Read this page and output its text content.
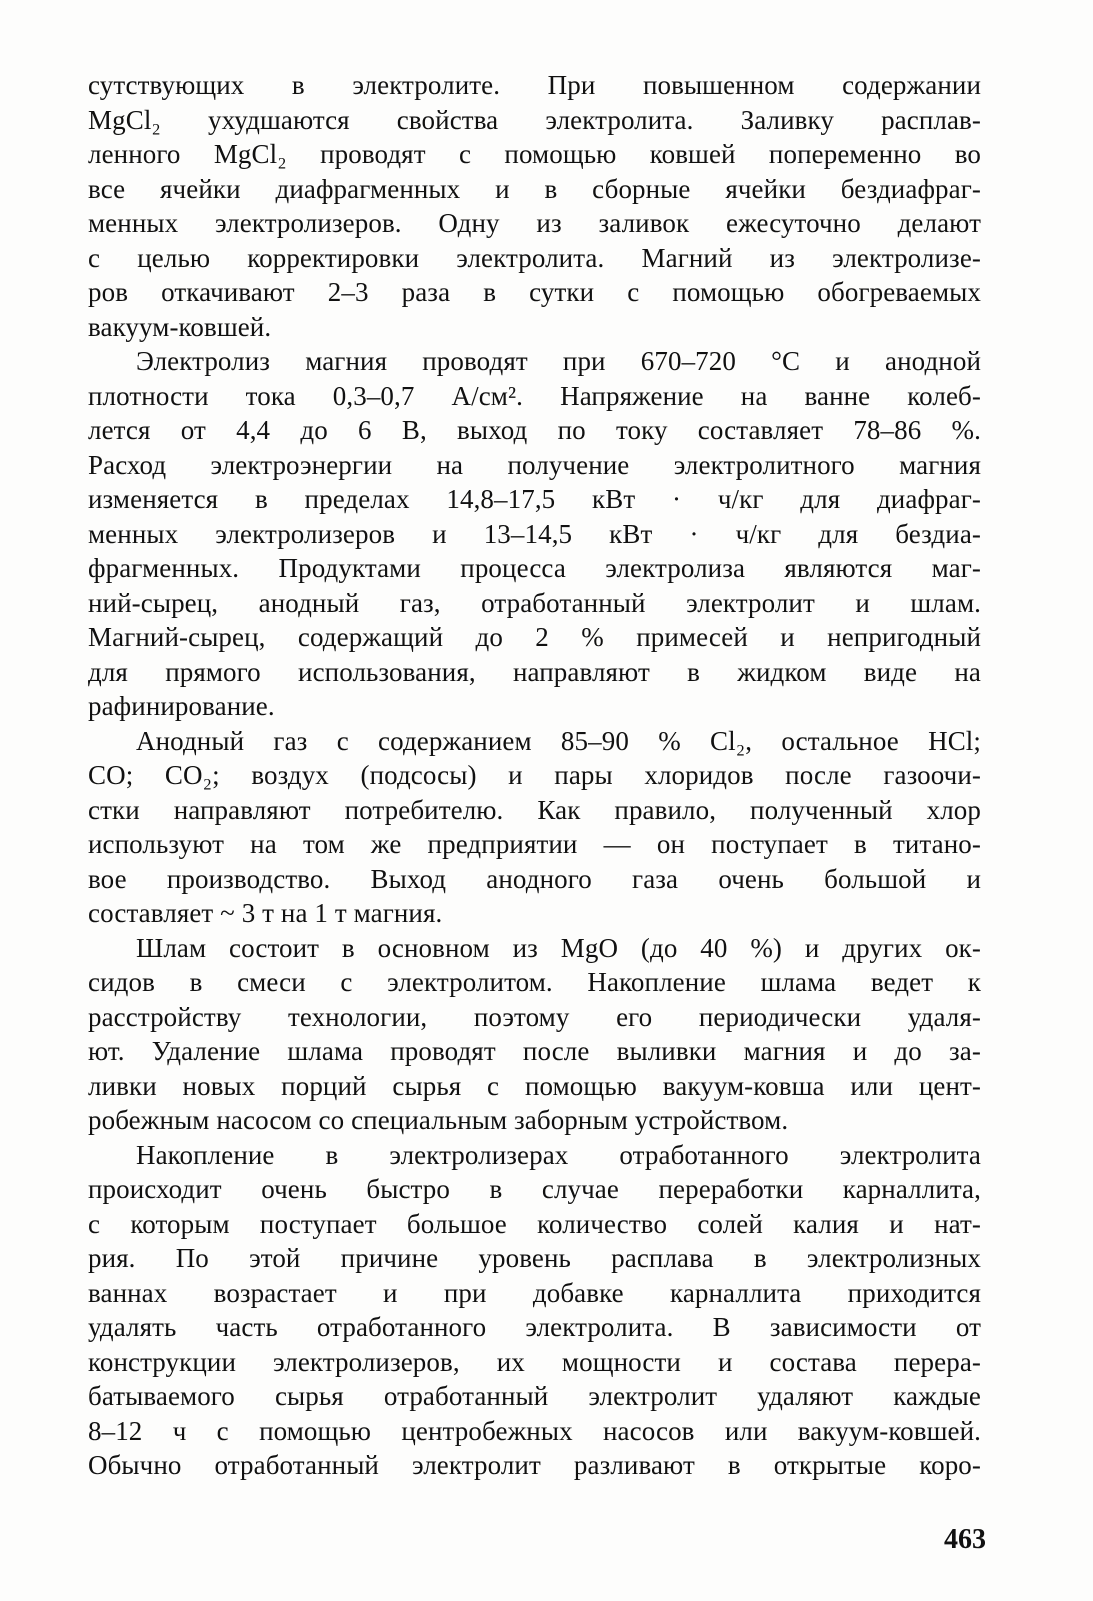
сутствующих в электролите. При повышенном содержании
MgCl₂ ухудшаются свойства электролита. Заливку расплав-
ленного MgCl₂ проводят с помощью ковшей попеременно во
все ячейки диафрагменных и в сборные ячейки бездиафраг-
менных электролизеров. Одну из заливок ежесуточно делают
с целью корректировки электролита. Магний из электролизе-
ров откачивают 2–3 раза в сутки с помощью обогреваемых
вакуум-ковшей.
Электролиз магния проводят при 670–720 °С и анодной
плотности тока 0,3–0,7 А/см². Напряжение на ванне колеб-
лется от 4,4 до 6 В, выход по току составляет 78–86 %.
Расход электроэнергии на получение электролитного магния
изменяется в пределах 14,8–17,5 кВт · ч/кг для диафраг-
менных электролизеров и 13–14,5 кВт · ч/кг для бездиа-
фрагменных. Продуктами процесса электролиза являются маг-
ний-сырец, анодный газ, отработанный электролит и шлам.
Магний-сырец, содержащий до 2 % примесей и непригодный
для прямого использования, направляют в жидком виде на
рафинирование.
Анодный газ с содержанием 85–90 % Cl₂, остальное HCl;
CO; CO₂; воздух (подсосы) и пары хлоридов после газоочи-
стки направляют потребителю. Как правило, полученный хлор
используют на том же предприятии — он поступает в титано-
вое производство. Выход анодного газа очень большой и
составляет ~ 3 т на 1 т магния.
Шлам состоит в основном из MgO (до 40 %) и других ок-
сидов в смеси с электролитом. Накопление шлама ведет к
расстройству технологии, поэтому его периодически удаля-
ют. Удаление шлама проводят после выливки магния и до за-
ливки новых порций сырья с помощью вакуум-ковша или цент-
робежным насосом со специальным заборным устройством.
Накопление в электролизерах отработанного электролита
происходит очень быстро в случае переработки карналлита,
с которым поступает большое количество солей калия и нат-
рия. По этой причине уровень расплава в электролизных
ваннах возрастает и при добавке карналлита приходится
удалять часть отработанного электролита. В зависимости от
конструкции электролизеров, их мощности и состава перера-
батываемого сырья отработанный электролит удаляют каждые
8–12 ч с помощью центробежных насосов или вакуум-ковшей.
Обычно отработанный электролит разливают в открытые коро-
463
